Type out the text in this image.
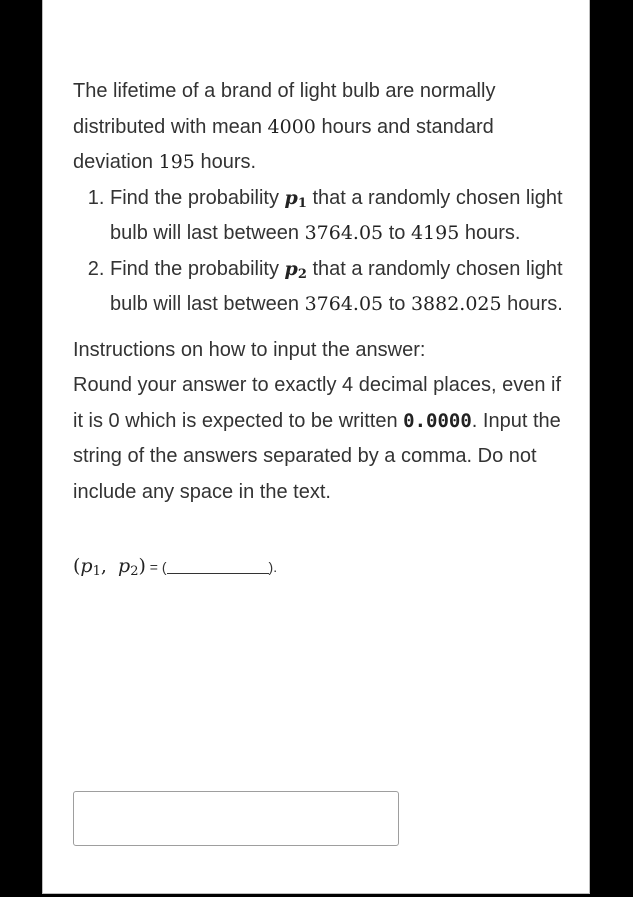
The lifetime of a brand of light bulb are normally distributed with mean 4000 hours and standard deviation 195 hours.

1. Find the probability $p_1$ that a randomly chosen light bulb will last between 3764.05 to 4195 hours.
2. Find the probability $p_2$ that a randomly chosen light bulb will last between 3764.05 to 3882.025 hours.

Instructions on how to input the answer:

Round your answer to exactly 4 decimal places, even if it is 0 which is expected to be written 0.0000. Input the string of the answers separated by a comma. Do not include any space in the text.

($p_1$, $p_2$) = (	).
